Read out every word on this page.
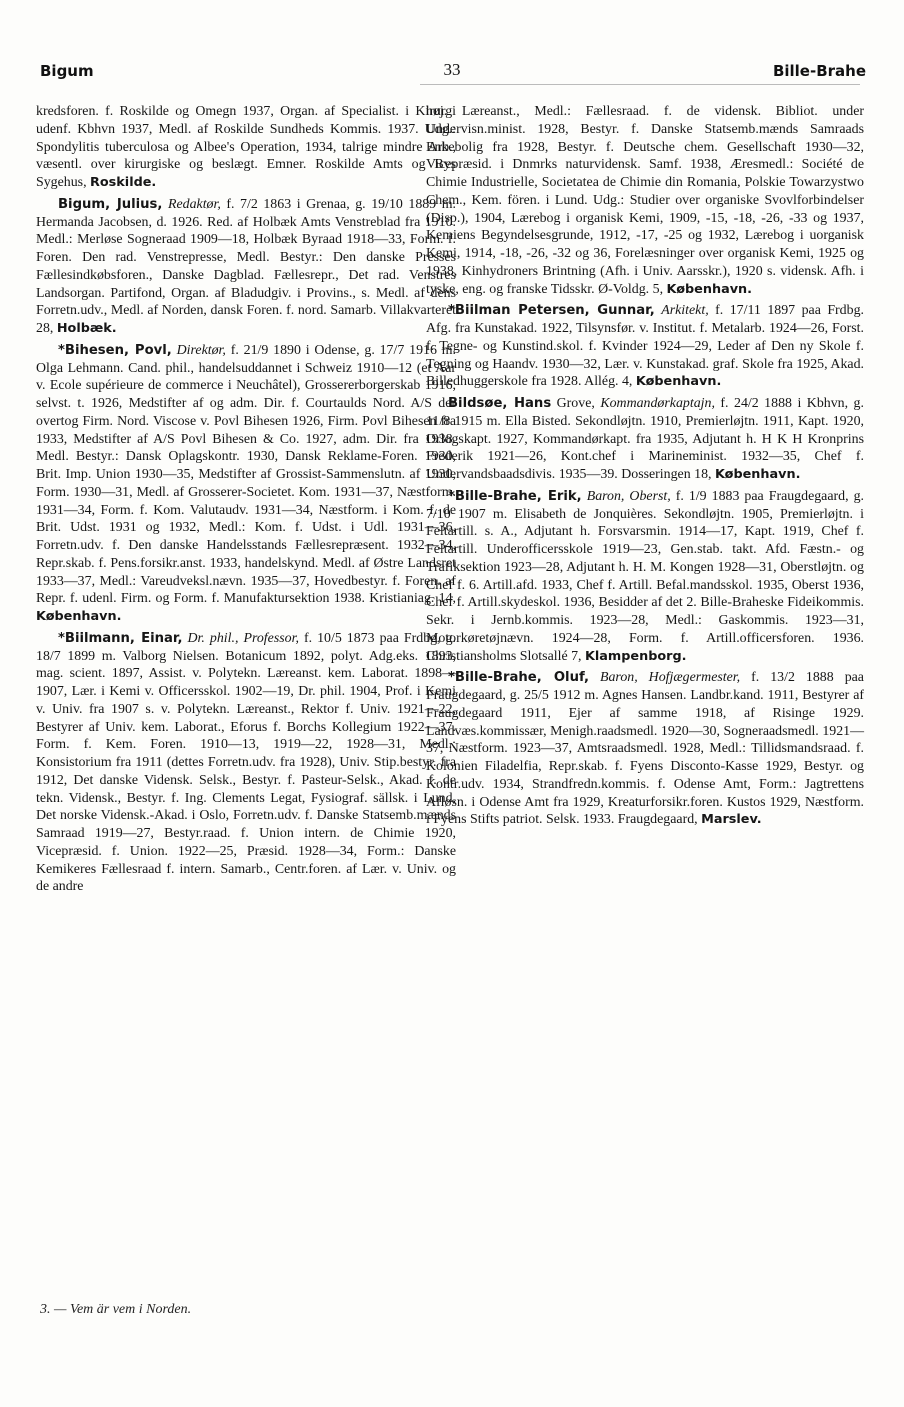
Bigum	33	Bille-Brahe

kredsforen. f. Roskilde og Omegn 1937, Organ. af Specialist. i Kirurgi udenf. Kbhvn 1937, Medl. af Roskilde Sundheds Kommis. 1937. Udg.: Spondylitis tuberculosa og Albee's Operation, 1934, talrige mindre Arb., væsentl. over kirurgiske og beslægt. Emner. Roskilde Amts og Bys Sygehus, Roskilde.

Bigum, Julius, Redaktør, f. 7/2 1863 i Grenaa, g. 19/10 1889 m. Hermanda Jacobsen, d. 1926. Red. af Holbæk Amts Venstreblad fra 1910. Medl.: Merløse Sogneraad 1909—18, Holbæk Byraad 1918—33, Form. f. Foren. Den rad. Venstrepresse, Medl. Bestyr.: Den danske Presses Fællesindkøbsforen., Danske Dagblad. Fællesrepr., Det rad. Venstres Landsorgan. Partifond, Organ. af Bladudgiv. i Provins., s. Medl. af dens Forretn.udv., Medl. af Norden, dansk Foren. f. nord. Samarb. Villakvarteret 28, Holbæk.

*Bihesen, Povl, Direktør, f. 21/9 1890 i Odense, g. 17/7 1916 m. Olga Lehmann. Cand. phil., handelsuddannet i Schweiz 1910—12 (et Aar v. Ecole supérieure de commerce i Neuchâtel), Grossererborgerskab 1916, selvst. t. 1926, Medstifter af og adm. Dir. f. Courtaulds Nord. A/S der overtog Firm. Nord. Viscose v. Povl Bihesen 1926, Firm. Povl Bihesen fra 1933, Medstifter af A/S Povl Bihesen & Co. 1927, adm. Dir. fra 1938. Medl. Bestyr.: Dansk Oplagskontr. 1930, Dansk Reklame-Foren. 1930, Brit. Imp. Union 1930—35, Medstifter af Grossist-Sammenslutn. af 1930, Form. 1930—31, Medl. af Grosserer-Societet. Kom. 1931—37, Næstform. 1931—34, Form. f. Kom. Valutaudv. 1931—34, Næstform. i Kom. f. de Brit. Udst. 1931 og 1932, Medl.: Kom. f. Udst. i Udl. 1931—36, Forretn.udv. f. Den danske Handelsstands Fællesrepræsent. 1932—34, Repr.skab. f. Pens.forsikr.anst. 1933, handelskynd. Medl. af Østre Landsret 1933—37, Medl.: Vareudveksl.nævn. 1935—37, Hovedbestyr. f. Foren. af Repr. f. udenl. Firm. og Form. f. Manufaktursektion 1938. Kristianiag. 14, København.

*Biilmann, Einar, Dr. phil., Professor, f. 10/5 1873 paa Frdbg, g. 18/7 1899 m. Valborg Nielsen. Botanicum 1892, polyt. Adg.eks. 1893, mag. scient. 1897, Assist. v. Polytekn. Læreanst. kem. Laborat. 1898—1907, Lær. i Kemi v. Officersskol. 1902—19, Dr. phil. 1904, Prof. i Kemi v. Univ. fra 1907 s. v. Polytekn. Læreanst., Rektor f. Univ. 1921—22, Bestyrer af Univ. kem. Laborat., Eforus f. Borchs Kollegium 1922—37. Form. f. Kem. Foren. 1910—13, 1919—22, 1928—31, Medl.: Konsistorium fra 1911 (dettes Forretn.udv. fra 1928), Univ. Stip.bestyr. fra 1912, Det danske Vidensk. Selsk., Bestyr. f. Pasteur-Selsk., Akad. f. de tekn. Vidensk., Bestyr. f. Ing. Clements Legat, Fysiograf. sällsk. i Lund, Det norske Vidensk.-Akad. i Oslo, Forretn.udv. f. Danske Statsemb.mænds Samraad 1919—27, Bestyr.raad. f. Union intern. de Chimie 1920, Vicepræsid. f. Union. 1922—25, Præsid. 1928—34, Form.: Danske Kemikeres Fællesraad f. intern. Samarb., Centr.foren. af Lær. v. Univ. og de andre

høj. Læreanst., Medl.: Fællesraad. f. de vidensk. Bibliot. under Undervisn.minist. 1928, Bestyr. f. Danske Statsemb.mænds Samraads Enkebolig fra 1928, Bestyr. f. Deutsche chem. Gesellschaft 1930—32, Vicepræsid. i Dnmrks naturvidensk. Samf. 1938, Æresmedl.: Société de Chimie Industrielle, Societatea de Chimie din Romania, Polskie Towarzystwo Chem., Kem. fören. i Lund. Udg.: Studier over organiske Svovlforbindelser (Disp.), 1904, Lærebog i organisk Kemi, 1909, -15, -18, -26, -33 og 1937, Kemiens Begyndelsesgrunde, 1912, -17, -25 og 1932, Lærebog i uorganisk Kemi, 1914, -18, -26, -32 og 36, Forelæsninger over organisk Kemi, 1925 og 1938, Kinhydroners Brintning (Afh. i Univ. Aarsskr.), 1920 s. vidensk. Afh. i tyske, eng. og franske Tidsskr. Ø-Voldg. 5, København.

*Biilman Petersen, Gunnar, Arkitekt, f. 17/11 1897 paa Frdbg. Afg. fra Kunstakad. 1922, Tilsynsfør. v. Institut. f. Metalarb. 1924—26, Forst. f. Tegne- og Kunstind.skol. f. Kvinder 1924—29, Leder af Den ny Skole f. Tegning og Haandv. 1930—32, Lær. v. Kunstakad. graf. Skole fra 1925, Akad. Billedhuggerskole fra 1928. Allég. 4, København.

Bildsøe, Hans Grove, Kommandørkaptajn, f. 24/2 1888 i Kbhvn, g. 11/8 1915 m. Ella Bisted. Sekondløjtn. 1910, Premierløjtn. 1911, Kapt. 1920, Orlogskapt. 1927, Kommandørkapt. fra 1935, Adjutant h. H K H Kronprins Frederik 1921—26, Kont.chef i Marineminist. 1932—35, Chef f. Undervandsbaadsdivis. 1935—39. Dosseringen 18, København.

*Bille-Brahe, Erik, Baron, Oberst, f. 1/9 1883 paa Fraugdegaard, g. 7/10 1907 m. Elisabeth de Jonquières. Sekondløjtn. 1905, Premierløjtn. i Feltartill. s. A., Adjutant h. Forsvarsmin. 1914—17, Kapt. 1919, Chef f. Feltartill. Underofficersskole 1919—23, Gen.stab. takt. Afd. Fæstn.- og Trafiksektion 1923—28, Adjutant h. H. M. Kongen 1928—31, Oberstløjtn. og Chef f. 6. Artill.afd. 1933, Chef f. Artill. Befal.mandsskol. 1935, Oberst 1936, Chef f. Artill.skydeskol. 1936, Besidder af det 2. Bille-Braheske Fideikommis. Sekr. i Jernb.kommis. 1923—28, Medl.: Gaskommis. 1923—31, Motorkøretøjnævn. 1924—28, Form. f. Artill.officersforen. 1936. Christiansholms Slotsallé 7, Klampenborg.

*Bille-Brahe, Oluf, Baron, Hofjægermester, f. 13/2 1888 paa Fraugdegaard, g. 25/5 1912 m. Agnes Hansen. Landbr.kand. 1911, Bestyrer af Fraugdegaard 1911, Ejer af samme 1918, af Risinge 1929. Landvæs.kommissær, Menigh.raadsmedl. 1920—30, Sogneraadsmedl. 1921—37, Næstform. 1923—37, Amtsraadsmedl. 1928, Medl.: Tillidsmandsraad. f. Kolonien Filadelfia, Repr.skab. f. Fyens Disconto-Kasse 1929, Bestyr. og Kontr.udv. 1934, Strandfredn.kommis. f. Odense Amt, Form.: Jagtrettens Afløsn. i Odense Amt fra 1929, Kreaturforsikr.foren. Kustos 1929, Næstform. i Fyens Stifts patriot. Selsk. 1933. Fraugdegaard, Marslev.

3. — Vem är vem i Norden.
